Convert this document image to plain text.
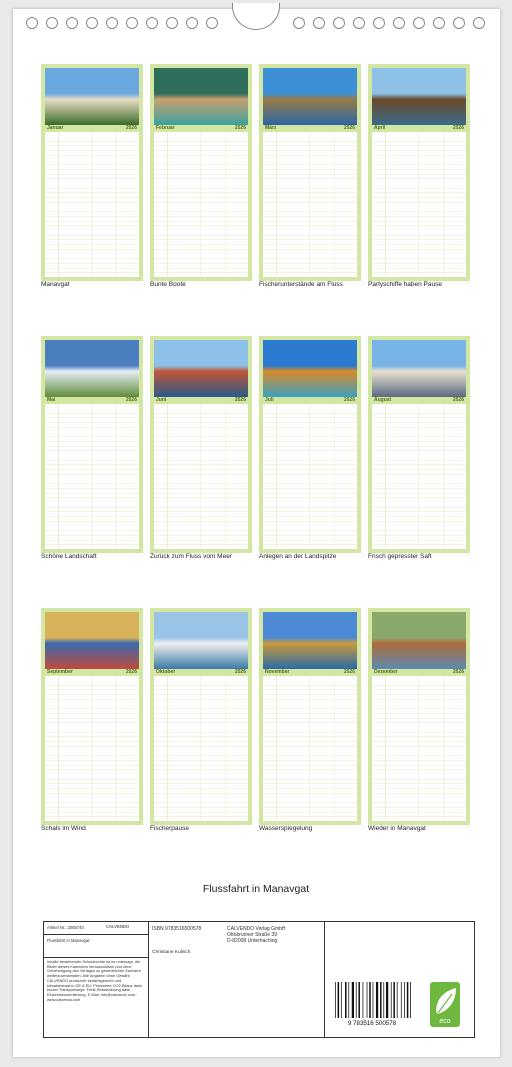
Januar	2026
Manavgat
Februar	2026
Bunte Boote
März	2026
Fischerunterstände am Fluss
April	2026
Partyschiffe haben Pause
Mai	2026
Schöne Landschaft
Juni	2026
Zurück zum Fluss vom Meer
Juli	2026
Anlegen an der Landspitze
August	2026
Frisch gepresster Saft
September	2026
Schals im Wind
Oktober	2026
Fischerpause
November	2026
Wasserspiegelung
Dezember	2026
Wieder in Manavgat
Flussfahrt in Manavgat
Artikel Nr.: 2065740	CALVENDO
Flussfahrt in Manavgat
Inhalte bestehender Schutzrechte ist es untersagt, die Bilder dieses Kalenders herauszulösen und ohne Genehmigung des Verlages zu gewerblichen Zwecken weiterzuverwenden. Alle Angaben ohne Gewähr. CALVENDO produziert bedarfsgerecht und klimabewusst in DE & EU. Preiswerte CO2-Bilanz dank kurzer Transportwege. Fehlt-Reklamierung dank Einzeldokumentierung. E-Mail: info@calvendo.com · www.calvendo.com
ISBN 9783516500578
Christiane Kulisch
CALVENDO Verlag GmbH
Ottobrunner Straße 39
D-82008 Unterhaching
9 783516 500578	eco
